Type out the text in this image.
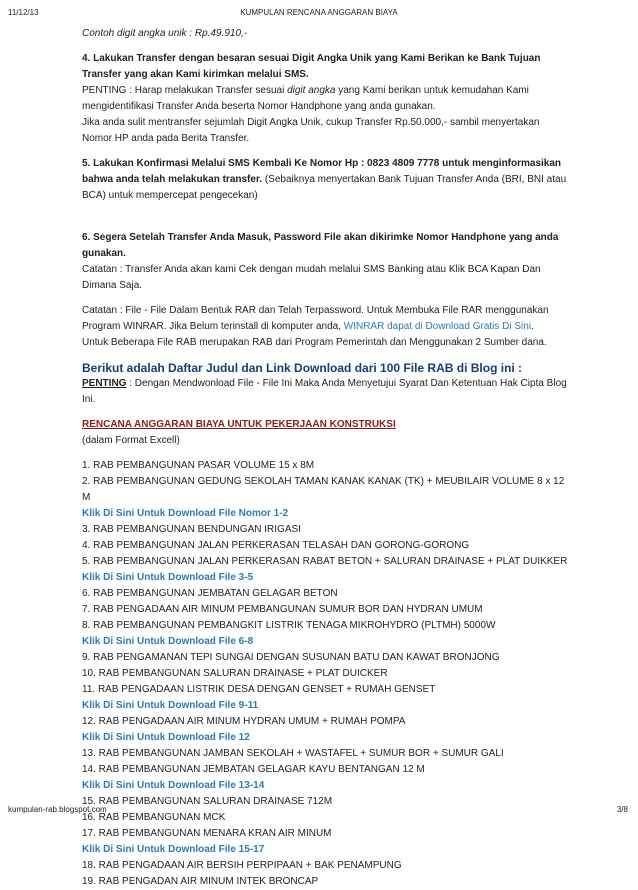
11/12/13	KUMPULAN RENCANA ANGGARAN BIAYA

Contoh digit angka unik : Rp.49.910,-

4. Lakukan Transfer dengan besaran sesuai Digit Angka Unik yang Kami Berikan ke Bank Tujuan Transfer yang akan Kami kirimkan melalui SMS.

PENTING : Harap melakukan Transfer sesuai digit angka yang Kami berikan untuk kemudahan Kami mengidentifikasi Transfer Anda beserta Nomor Handphone yang anda gunakan.

Jika anda sulit mentransfer sejumlah Digit Angka Unik, cukup Transfer Rp.50.000,- sambil menyertakan Nomor HP anda pada Berita Transfer.

5. Lakukan Konfirmasi Melalui SMS Kembali Ke Nomor Hp : 0823 4809 7778 untuk menginformasikan bahwa anda telah melakukan transfer. (Sebaiknya menyertakan Bank Tujuan Transfer Anda (BRI, BNI atau BCA) untuk mempercepat pengecekan)

6. Segera Setelah Transfer Anda Masuk, Password File akan dikirimke Nomor Handphone yang anda gunakan.

Catatan : Transfer Anda akan kami Cek dengan mudah melalui SMS Banking atau Klik BCA Kapan Dan Dimana Saja.

Catatan : File - File Dalam Bentuk RAR dan Telah Terpassword. Untuk Membuka File RAR menggunakan Program WINRAR. Jika Belum terinstall di komputer anda, WINRAR dapat di Download Gratis Di Sini.

Untuk Beberapa File RAB merupakan RAB dari Program Pemerintah dan Menggunakan 2 Sumber dana.

Berikut adalah Daftar Judul dan Link Download dari 100 File RAB di Blog ini :

PENTING : Dengan Mendwonload File - File Ini Maka Anda Menyetujui Syarat Dan Ketentuan Hak Cipta Blog Ini.

RENCANA ANGGARAN BIAYA UNTUK PEKERJAAN KONSTRUKSI

(dalam Format Excell)

1. RAB PEMBANGUNAN PASAR VOLUME 15 x 8M
2. RAB PEMBANGUNAN GEDUNG SEKOLAH TAMAN KANAK KANAK (TK) + MEUBILAIR VOLUME 8 x 12 M
Klik Di Sini Untuk Download File Nomor 1-2
3. RAB PEMBANGUNAN BENDUNGAN IRIGASI
4. RAB PEMBANGUNAN JALAN PERKERASAN TELASAH DAN GORONG-GORONG
5. RAB PEMBANGUNAN JALAN PERKERASAN RABAT BETON + SALURAN DRAINASE + PLAT DUIKKER
Klik Di Sini Untuk Download File 3-5
6. RAB PEMBANGUNAN JEMBATAN GELAGAR BETON
7. RAB PENGADAAN AIR MINUM PEMBANGUNAN SUMUR BOR DAN HYDRAN UMUM
8. RAB PEMBANGUNAN PEMBANGKIT LISTRIK TENAGA MIKROHYDRO (PLTMH) 5000W
Klik Di Sini Untuk Download File 6-8
9. RAB PENGAMANAN TEPI SUNGAI DENGAN SUSUNAN BATU DAN KAWAT BRONJONG
10. RAB PEMBANGUNAN SALURAN DRAINASE + PLAT DUICKER
11. RAB PENGADAAN LISTRIK DESA DENGAN GENSET + RUMAH GENSET
Klik Di Sini Untuk Download File 9-11
12. RAB PENGADAAN AIR MINUM HYDRAN UMUM + RUMAH POMPA
Klik Di Sini Untuk Download File 12
13. RAB PEMBANGUNAN JAMBAN SEKOLAH + WASTAFEL + SUMUR BOR + SUMUR GALI
14. RAB PEMBANGUNAN JEMBATAN GELAGAR KAYU BENTANGAN 12 M
Klik Di Sini Untuk Download File 13-14
15. RAB PEMBANGUNAN SALURAN DRAINASE 712M
16. RAB PEMBANGUNAN MCK
17. RAB PEMBANGUNAN MENARA KRAN AIR MINUM
Klik Di Sini Untuk Download File 15-17
18. RAB PENGADAAN AIR BERSIH PERPIPAAN + BAK PENAMPUNG
19. RAB PENGADAN AIR MINUM INTEK BRONCAP
kumpulan-rab.blogspot.com	3/8
